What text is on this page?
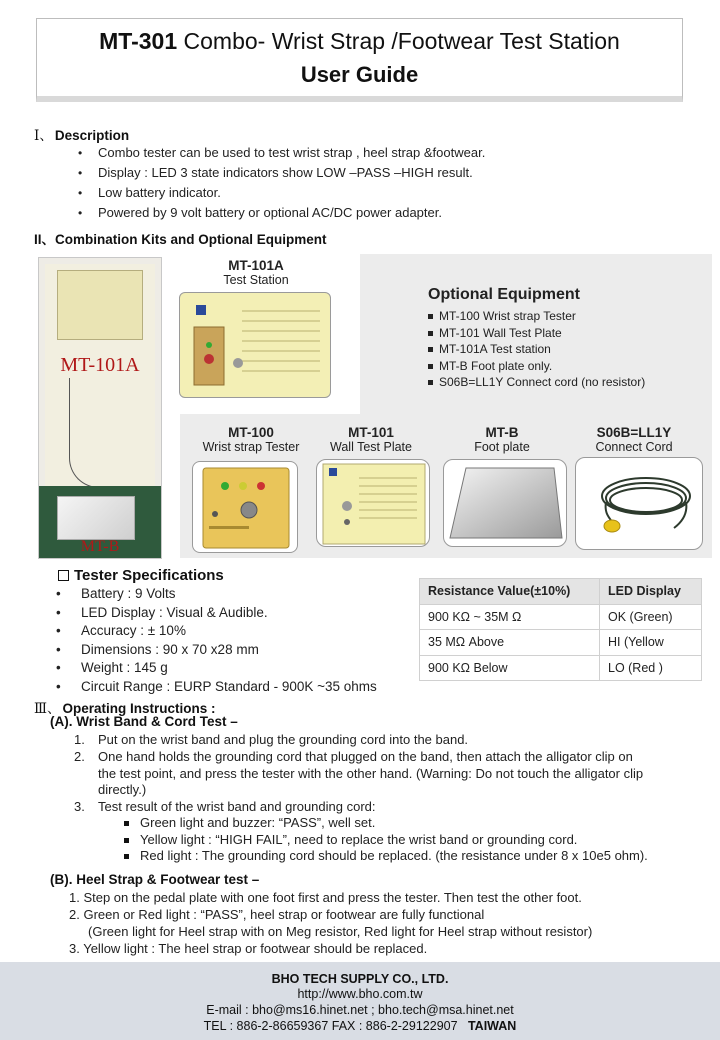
MT-301 Combo- Wrist Strap /Footwear Test Station
User Guide
Ⅰ、 Description
• Combo tester can be used to test wrist strap , heel strap &footwear.
• Display : LED 3 state indicators show LOW –PASS –HIGH result.
• Low battery indicator.
• Powered by 9 volt battery or optional AC/DC power adapter.
II、Combination Kits and Optional Equipment
MT-101A
MT-B
MT-101A
Test Station
Optional Equipment
MT-100 Wrist strap Tester
MT-101 Wall Test Plate
MT-101A Test station
MT-B Foot plate only.
S06B=LL1Y Connect cord (no resistor)
MT-100
Wrist strap Tester
MT-101
Wall Test Plate
MT-B
Foot plate
S06B=LL1Y
Connect Cord
Tester Specifications
• Battery : 9 Volts
• LED Display : Visual & Audible.
• Accuracy : ± 10%
• Dimensions : 90 x 70 x28 mm
• Weight : 145 g
• Circuit Range : EURP Standard - 900K ~35 ohms
Resistance Value(±10%)	LED Display
900 KΩ ~ 35M Ω	OK (Green)
35 MΩ Above	HI (Yellow
900 KΩ Below	LO (Red )
Ⅲ、 Operating Instructions :
(A). Wrist Band & Cord Test –
1. Put on the wrist band and plug the grounding cord into the band.
2. One hand holds the grounding cord that plugged on the band, then attach the alligator clip on
the test point, and press the tester with the other hand. (Warning: Do not touch the alligator clip
directly.)
3. Test result of the wrist band and grounding cord:
Green light and buzzer: “PASS”, well set.
Yellow light : “HIGH FAIL”, need to replace the wrist band or grounding cord.
Red light : The grounding cord should be replaced. (the resistance under 8 x 10e5 ohm).
(B). Heel Strap & Footwear test –
1. Step on the pedal plate with one foot first and press the tester. Then test the other foot.
2. Green or Red light : “PASS”, heel strap or footwear are fully functional
(Green light for Heel strap with on Meg resistor, Red light for Heel strap without resistor)
3. Yellow light : The heel strap or footwear should be replaced.
BHO TECH SUPPLY CO., LTD.
http://www.bho.com.tw
E-mail : bho@ms16.hinet.net ; bho.tech@msa.hinet.net
TEL : 886-2-86659367 FAX : 886-2-29122907 TAIWAN
